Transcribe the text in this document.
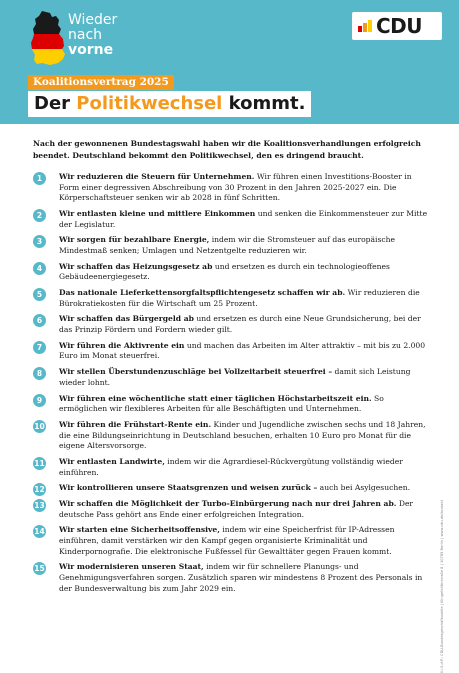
Wieder
nach
vorne
CDU
Koalitionsvertrag 2025
Der Politikwechsel kommt.
Nach der gewonnenen Bundestagswahl haben wir die Koalitionsverhandlungen erfolgreich beendet. Deutschland bekommt den Politikwechsel, den es dringend braucht.
1	Wir reduzieren die Steuern für Unternehmen. Wir führen einen Investitions-Booster in Form einer degressiven Abschreibung von 30 Prozent in den Jahren 2025-2027 ein. Die Körperschaftsteuer senken wir ab 2028 in fünf Schritten.
2	Wir entlasten kleine und mittlere Einkommen und senken die Einkommensteuer zur Mitte der Legislatur.
3	Wir sorgen für bezahlbare Energie, indem wir die Stromsteuer auf das europäische Mindestmaß senken; Umlagen und Netzentgelte reduzieren wir.
4	Wir schaffen das Heizungsgesetz ab und ersetzen es durch ein technologieoffenes Gebäudeenergiegesetz.
5	Das nationale Lieferkettensorgfaltspflichtengesetz schaffen wir ab. Wir reduzieren die Bürokratiekosten für die Wirtschaft um 25 Prozent.
6	Wir schaffen das Bürgergeld ab und ersetzen es durch eine Neue Grundsicherung, bei der das Prinzip Fördern und Fordern wieder gilt.
7	Wir führen die Aktivrente ein und machen das Arbeiten im Alter attraktiv – mit bis zu 2.000 Euro im Monat steuerfrei.
8	Wir stellen Überstundenzuschläge bei Vollzeitarbeit steuerfrei – damit sich Leistung wieder lohnt.
9	Wir führen eine wöchentliche statt einer täglichen Höchstarbeitszeit ein. So ermöglichen wir flexibleres Arbeiten für alle Beschäftigten und Unternehmen.
10 Wir führen die Frühstart-Rente ein. Kinder und Jugendliche zwischen sechs und 18 Jahren, die eine Bildungseinrichtung in Deutschland besuchen, erhalten 10 Euro pro Monat für die eigene Altersvorsorge.
11 Wir entlasten Landwirte, indem wir die Agrardiesel-Rückvergütung vollständig wieder einführen.
12 Wir kontrollieren unsere Staatsgrenzen und weisen zurück – auch bei Asylgesuchen.
13 Wir schaffen die Möglichkeit der Turbo-Einbürgerung nach nur drei Jahren ab. Der deutsche Pass gehört ans Ende einer erfolgreichen Integration.
14 Wir starten eine Sicherheitsoffensive, indem wir eine Speicherfrist für IP-Adressen einführen, damit verstärken wir den Kampf gegen organisierte Kriminalität und Kinderpornografie. Die elektronische Fußfessel für Gewalttäter gegen Frauen kommt.
15 Wir modernisieren unseren Staat, indem wir für schnellere Planungs- und Genehmigungsverfahren sorgen. Zusätzlich sparen wir mindestens 8 Prozent des Personals in der Bundesverwaltung bis zum Jahr 2029 ein.	V.i.S.d.P.: CDU-Bundesgeschäftsstelle | Klingelhöferstraße 8 | 10785 Berlin | www.cdu.de/kontakt
